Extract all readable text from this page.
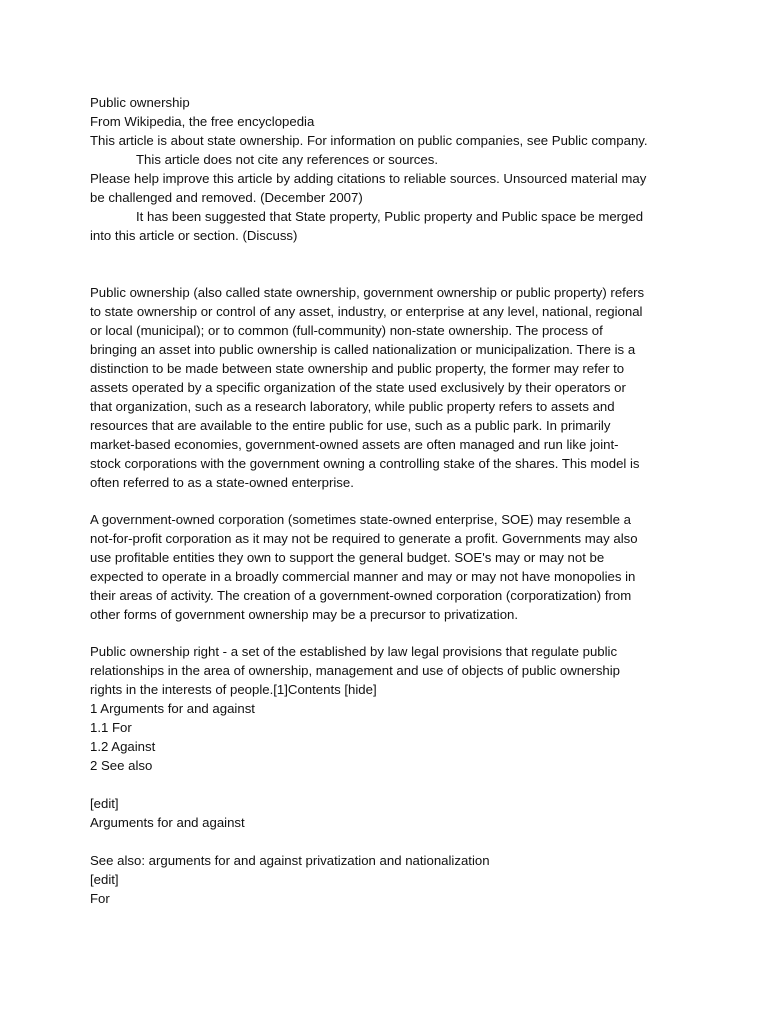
Public ownership
From Wikipedia, the free encyclopedia
This article is about state ownership. For information on public companies, see Public company.
This article does not cite any references or sources.
Please help improve this article by adding citations to reliable sources. Unsourced material may
be challenged and removed. (December 2007)
It has been suggested that State property, Public property and Public space be merged
into this article or section. (Discuss)
Public ownership (also called state ownership, government ownership or public property) refers
to state ownership or control of any asset, industry, or enterprise at any level, national, regional
or local (municipal); or to common (full-community) non-state ownership. The process of
bringing an asset into public ownership is called nationalization or municipalization. There is a
distinction to be made between state ownership and public property, the former may refer to
assets operated by a specific organization of the state used exclusively by their operators or
that organization, such as a research laboratory, while public property refers to assets and
resources that are available to the entire public for use, such as a public park. In primarily
market-based economies, government-owned assets are often managed and run like joint-
stock corporations with the government owning a controlling stake of the shares. This model is
often referred to as a state-owned enterprise.
A government-owned corporation (sometimes state-owned enterprise, SOE) may resemble a
not-for-profit corporation as it may not be required to generate a profit. Governments may also
use profitable entities they own to support the general budget. SOE's may or may not be
expected to operate in a broadly commercial manner and may or may not have monopolies in
their areas of activity. The creation of a government-owned corporation (corporatization) from
other forms of government ownership may be a precursor to privatization.
Public ownership right - a set of the established by law legal provisions that regulate public
relationships in the area of ownership, management and use of objects of public ownership
rights in the interests of people.[1]Contents [hide]
1 Arguments for and against
1.1 For
1.2 Against
2 See also
[edit]
Arguments for and against
See also: arguments for and against privatization and nationalization
[edit]
For
